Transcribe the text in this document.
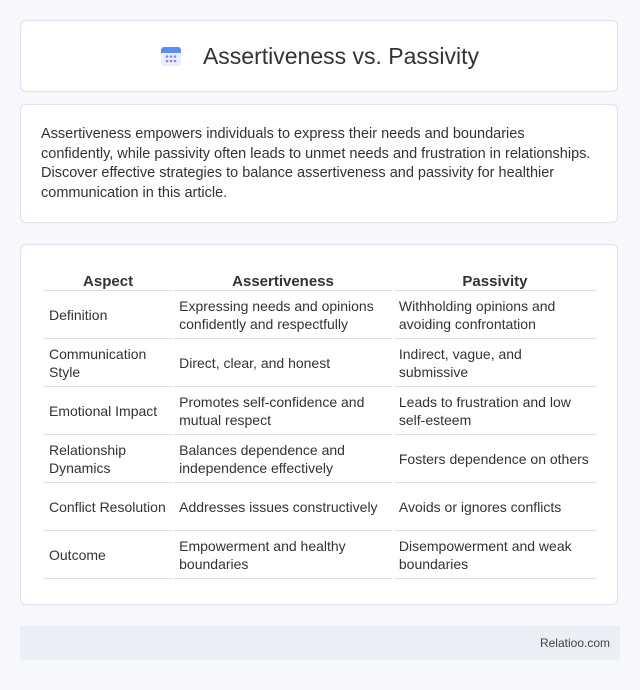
Assertiveness vs. Passivity

Assertiveness empowers individuals to express their needs and boundaries confidently, while passivity often leads to unmet needs and frustration in relationships. Discover effective strategies to balance assertiveness and passivity for healthier communication in this article.

Aspect	Assertiveness	Passivity
Definition	Expressing needs and opinions confidently and respectfully	Withholding opinions and avoiding confrontation
Communication Style	Direct, clear, and honest	Indirect, vague, and submissive
Emotional Impact	Promotes self-confidence and mutual respect	Leads to frustration and low self-esteem
Relationship Dynamics	Balances dependence and independence effectively	Fosters dependence on others
Conflict Resolution	Addresses issues constructively	Avoids or ignores conflicts
Outcome	Empowerment and healthy boundaries	Disempowerment and weak boundaries
Relatioo.com
